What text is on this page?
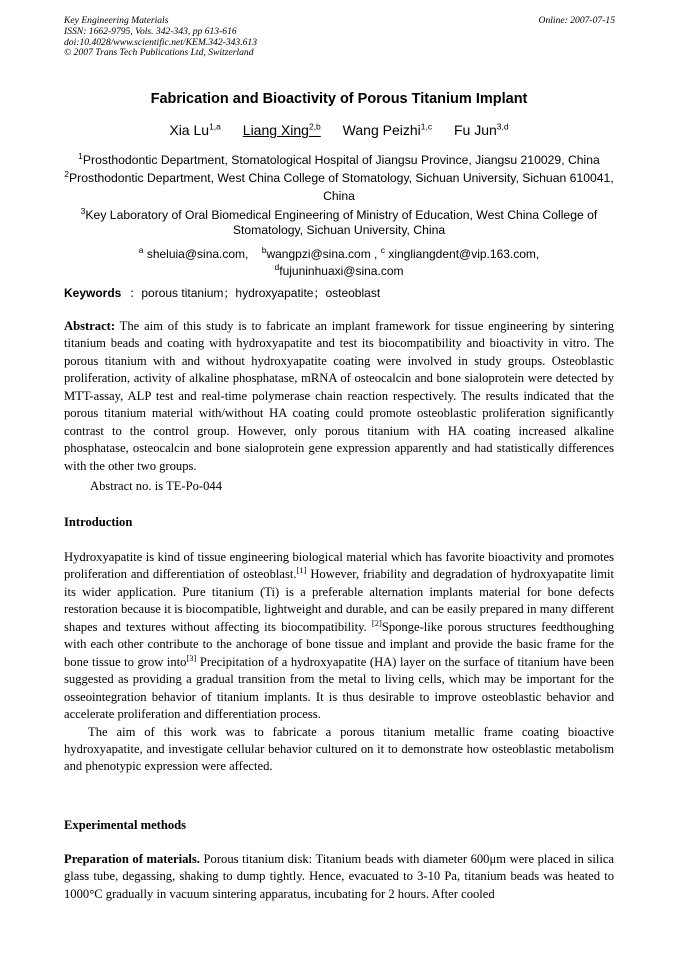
Key Engineering Materials
ISSN: 1662-9795, Vols. 342-343, pp 613-616
doi:10.4028/www.scientific.net/KEM.342-343.613
© 2007 Trans Tech Publications Ltd, Switzerland
Online: 2007-07-15
Fabrication and Bioactivity of Porous Titanium Implant
Xia Lu$^{1,a}$ Liang Xing$^{2,b}$ Wang Peizhi$^{1,c}$ Fu Jun$^{3,d}$
$^1$Prosthodontic Department, Stomatological Hospital of Jiangsu Province, Jiangsu 210029, China
$^2$Prosthodontic Department, West China College of Stomatology, Sichuan University, Sichuan 610041, China
$^3$Key Laboratory of Oral Biomedical Engineering of Ministry of Education, West China College of Stomatology, Sichuan University, China
$^a$ sheluia@sina.com, $^b$wangpzi@sina.com , $^c$ xingliangdent@vip.163.com,
$^d$fujuninhuaxi@sina.com
Keywords ：porous titanium；hydroxyapatite；osteoblast
Abstract: The aim of this study is to fabricate an implant framework for tissue engineering by sintering titanium beads and coating with hydroxyapatite and test its biocompatibility and bioactivity in vitro. The porous titanium with and without hydroxyapatite coating were involved in study groups. Osteoblastic proliferation, activity of alkaline phosphatase, mRNA of osteocalcin and bone sialoprotein were detected by MTT-assay, ALP test and real-time polymerase chain reaction respectively. The results indicated that the porous titanium material with/without HA coating could promote osteoblastic proliferation significantly contrast to the control group. However, only porous titanium with HA coating increased alkaline phosphatase, osteocalcin and bone sialoprotein gene expression apparently and had statistically differences with the other two groups.
Abstract no. is TE-Po-044
Introduction

Hydroxyapatite is kind of tissue engineering biological material which has favorite bioactivity and promotes proliferation and differentiation of osteoblast.[1] However, friability and degradation of hydroxyapatite limit its wider application. Pure titanium (Ti) is a preferable alternation implants material for bone defects restoration because it is biocompatible, lightweight and durable, and can be easily prepared in many different shapes and textures without affecting its biocompatibility. [2]Sponge-like porous structures feedthoughing with each other contribute to the anchorage of bone tissue and implant and provide the basic frame for the bone tissue to grow into[3] Precipitation of a hydroxyapatite (HA) layer on the surface of titanium have been suggested as providing a gradual transition from the metal to living cells, which may be important for the osseointegration behavior of titanium implants. It is thus desirable to improve osteoblastic behavior and accelerate proliferation and differentiation process.

The aim of this work was to fabricate a porous titanium metallic frame coating bioactive hydroxyapatite, and investigate cellular behavior cultured on it to demonstrate how osteoblastic metabolism and phenotypic expression were affected.

Experimental methods
Preparation of materials. Porous titanium disk: Titanium beads with diameter 600μm were placed in silica glass tube, degassing, shaking to dump tightly. Hence, evacuated to 3-10 Pa, titanium beads was heated to 1000°C gradually in vacuum sintering apparatus, incubating for 2 hours. After cooled
